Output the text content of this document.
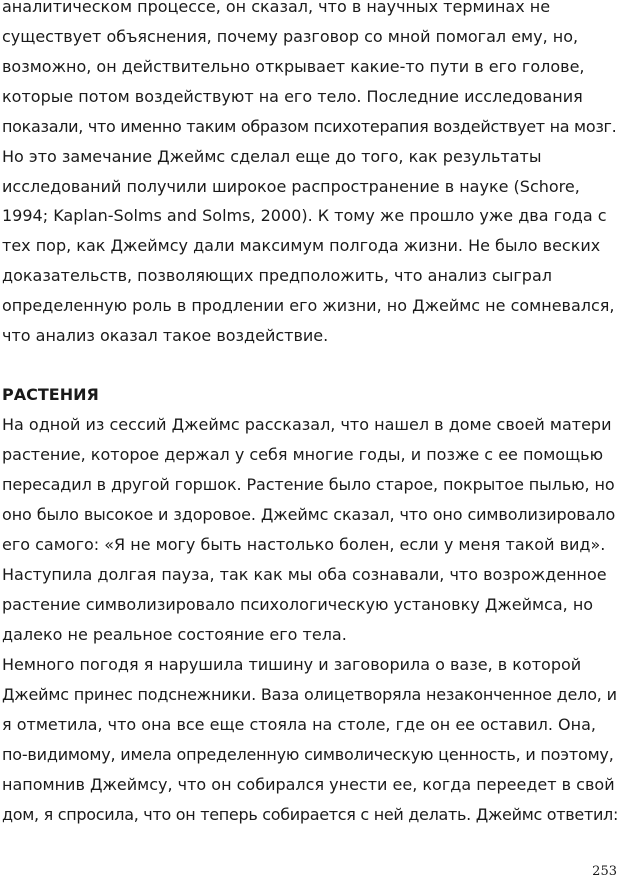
аналитическом процессе, он сказал, что в научных терминах не
существует объяснения, почему разговор со мной помогал ему, но,
возможно, он действительно открывает какие-то пути в его голове,
которые потом воздействуют на его тело. Последние исследования
показали, что именно таким образом психотерапия воздействует на мозг.
Но это замечание Джеймс сделал еще до того, как результаты
исследований получили широкое распространение в науке (Schore,
1994; Kaplan-Solms and Solms, 2000). К тому же прошло уже два года с
тех пор, как Джеймсу дали максимум полгода жизни. Не было веских
доказательств, позволяющих предположить, что анализ сыграл
определенную роль в продлении его жизни, но Джеймс не сомневался,
что анализ оказал такое воздействие.
РАСТЕНИЯ
На одной из сессий Джеймс рассказал, что нашел в доме своей матери
растение, которое держал у себя многие годы, и позже с ее помощью
пересадил в другой горшок. Растение было старое, покрытое пылью, но
оно было высокое и здоровое. Джеймс сказал, что оно символизировало
его самого: «Я не могу быть настолько болен, если у меня такой вид».
Наступила долгая пауза, так как мы оба сознавали, что возрожденное
растение символизировало психологическую установку Джеймса, но
далеко не реальное состояние его тела.
Немного погодя я нарушила тишину и заговорила о вазе, в которой
Джеймс принес подснежники. Ваза олицетворяла незаконченное дело, и
я отметила, что она все еще стояла на столе, где он ее оставил. Она,
по-видимому, имела определенную символическую ценность, и поэтому,
напомнив Джеймсу, что он собирался унести ее, когда переедет в свой
дом, я спросила, что он теперь собирается с ней делать. Джеймс ответил:
253
